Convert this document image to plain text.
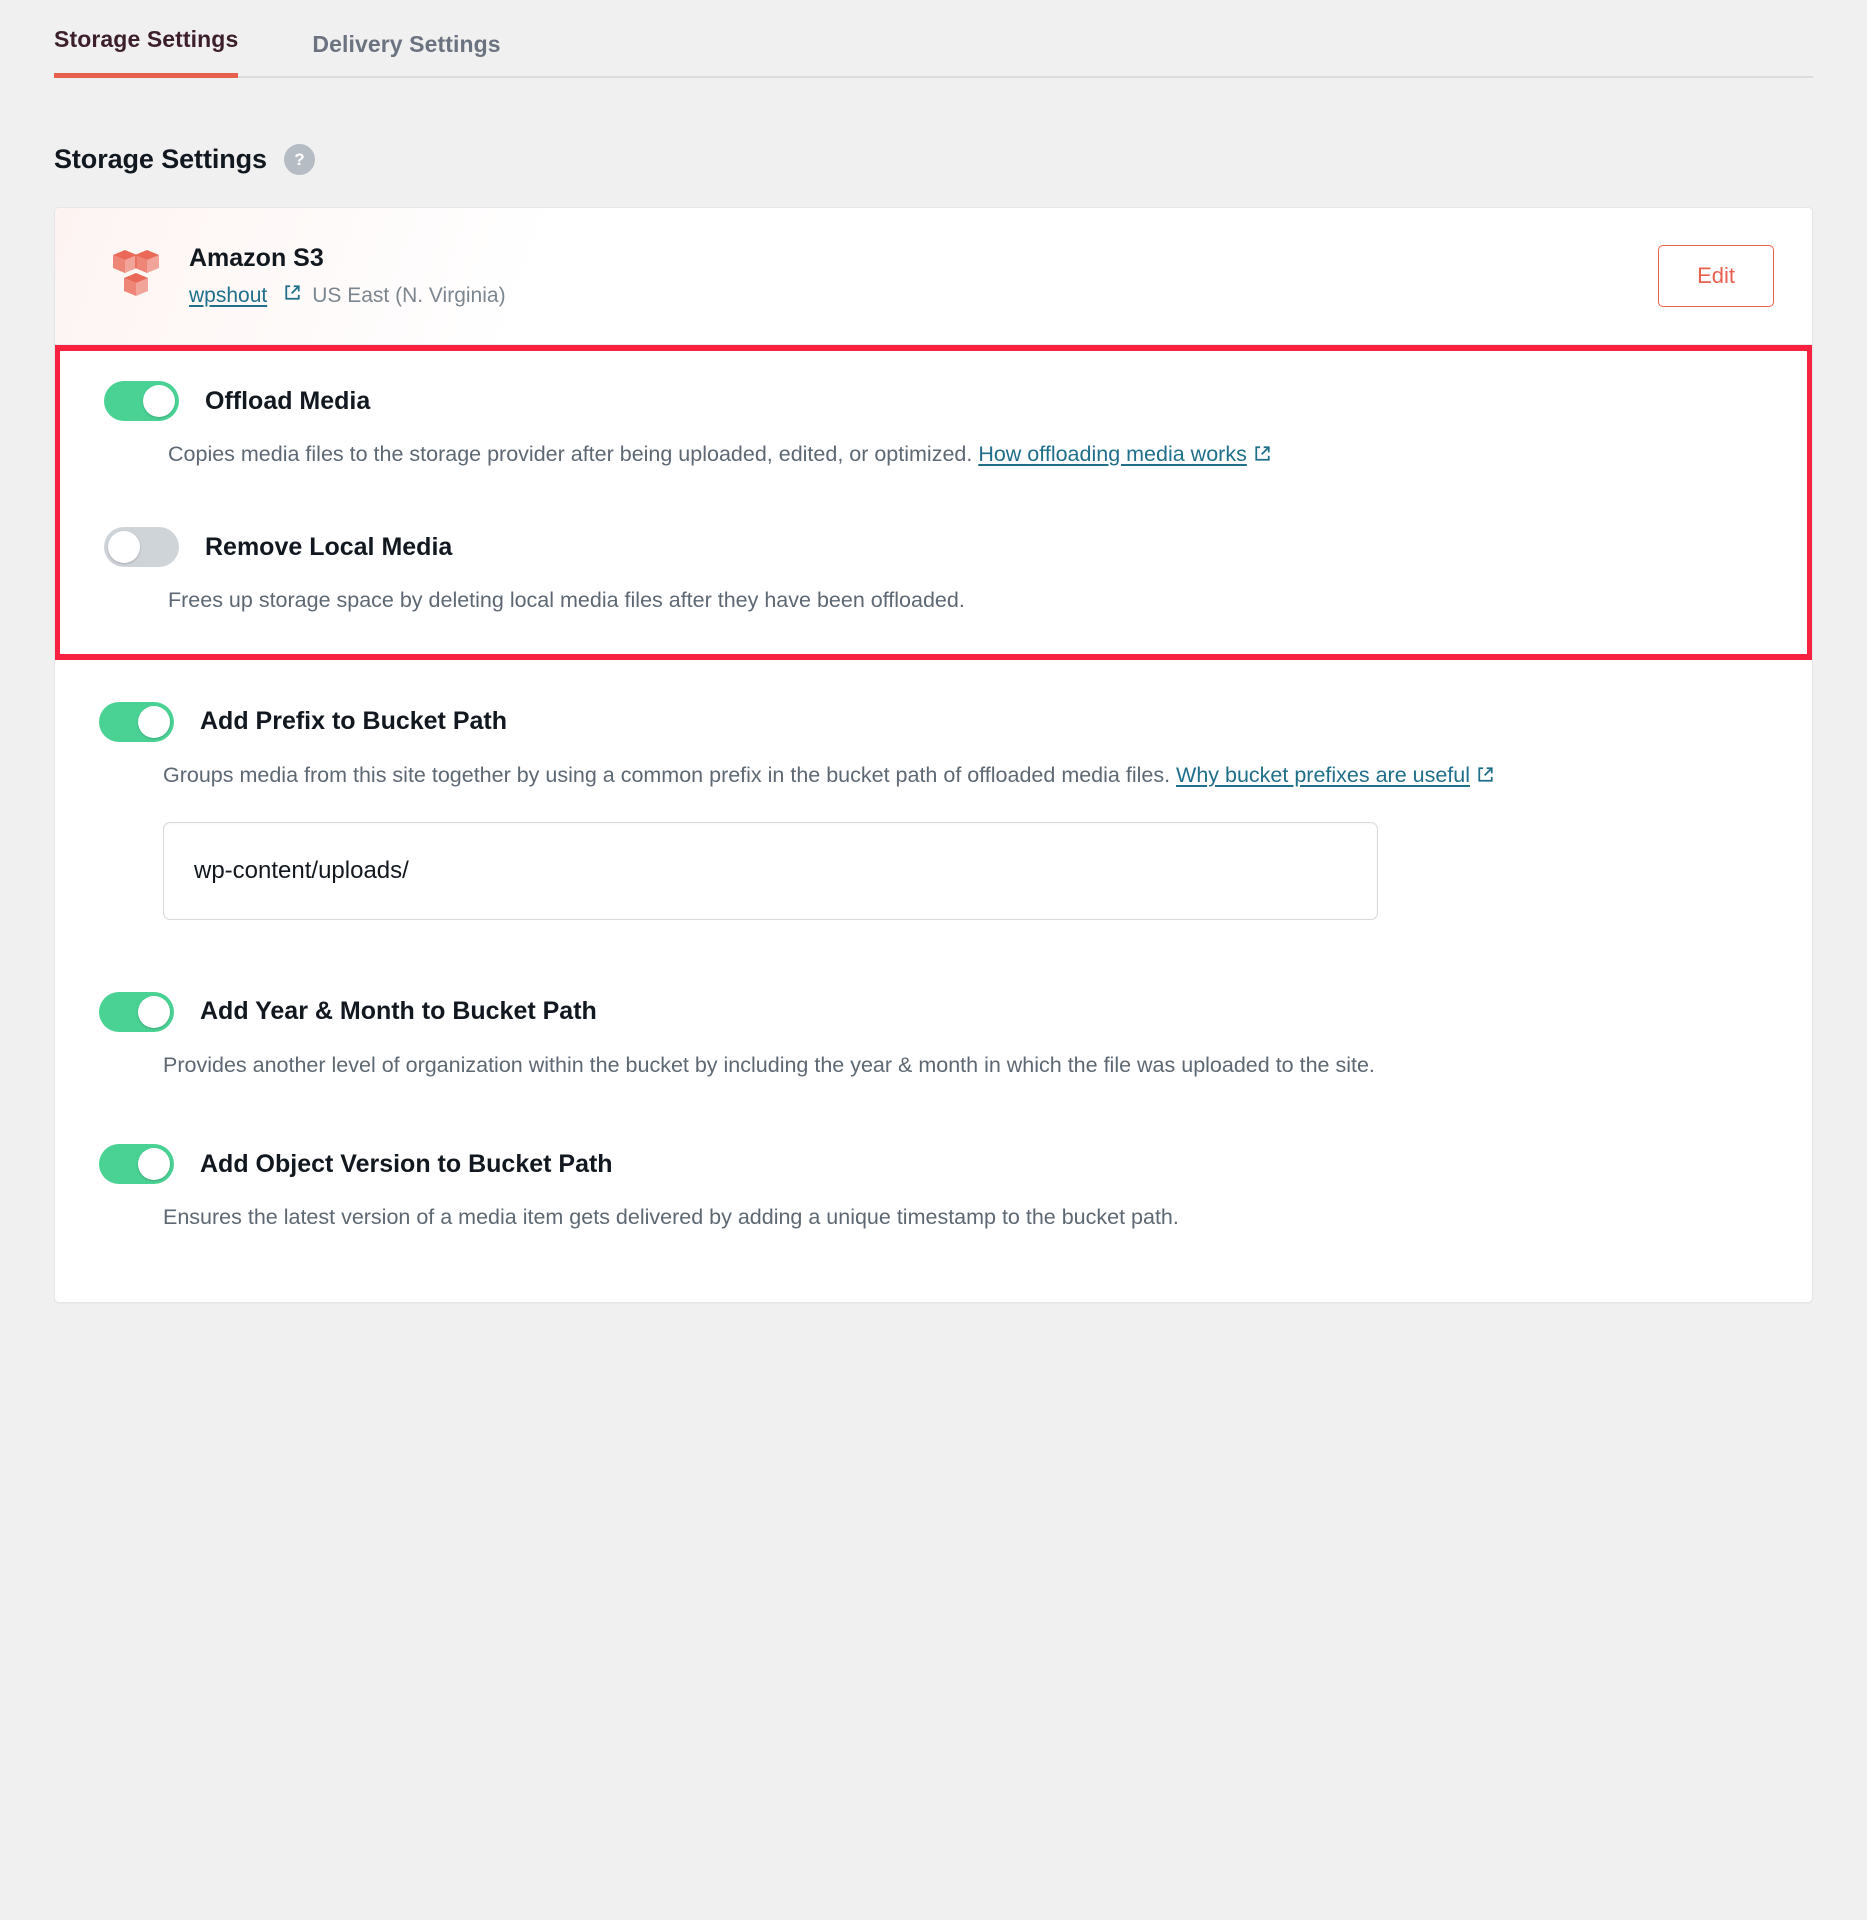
Storage Settings	Delivery Settings
Storage Settings	?
Amazon S3
wpshout US East (N. Virginia)
Edit
Offload Media
Copies media files to the storage provider after being uploaded, edited, or optimized. How offloading media works
Remove Local Media
Frees up storage space by deleting local media files after they have been offloaded.
Add Prefix to Bucket Path
Groups media from this site together by using a common prefix in the bucket path of offloaded media files. Why bucket prefixes are useful
wp-content/uploads/
Add Year & Month to Bucket Path
Provides another level of organization within the bucket by including the year & month in which the file was uploaded to the site.
Add Object Version to Bucket Path
Ensures the latest version of a media item gets delivered by adding a unique timestamp to the bucket path.
